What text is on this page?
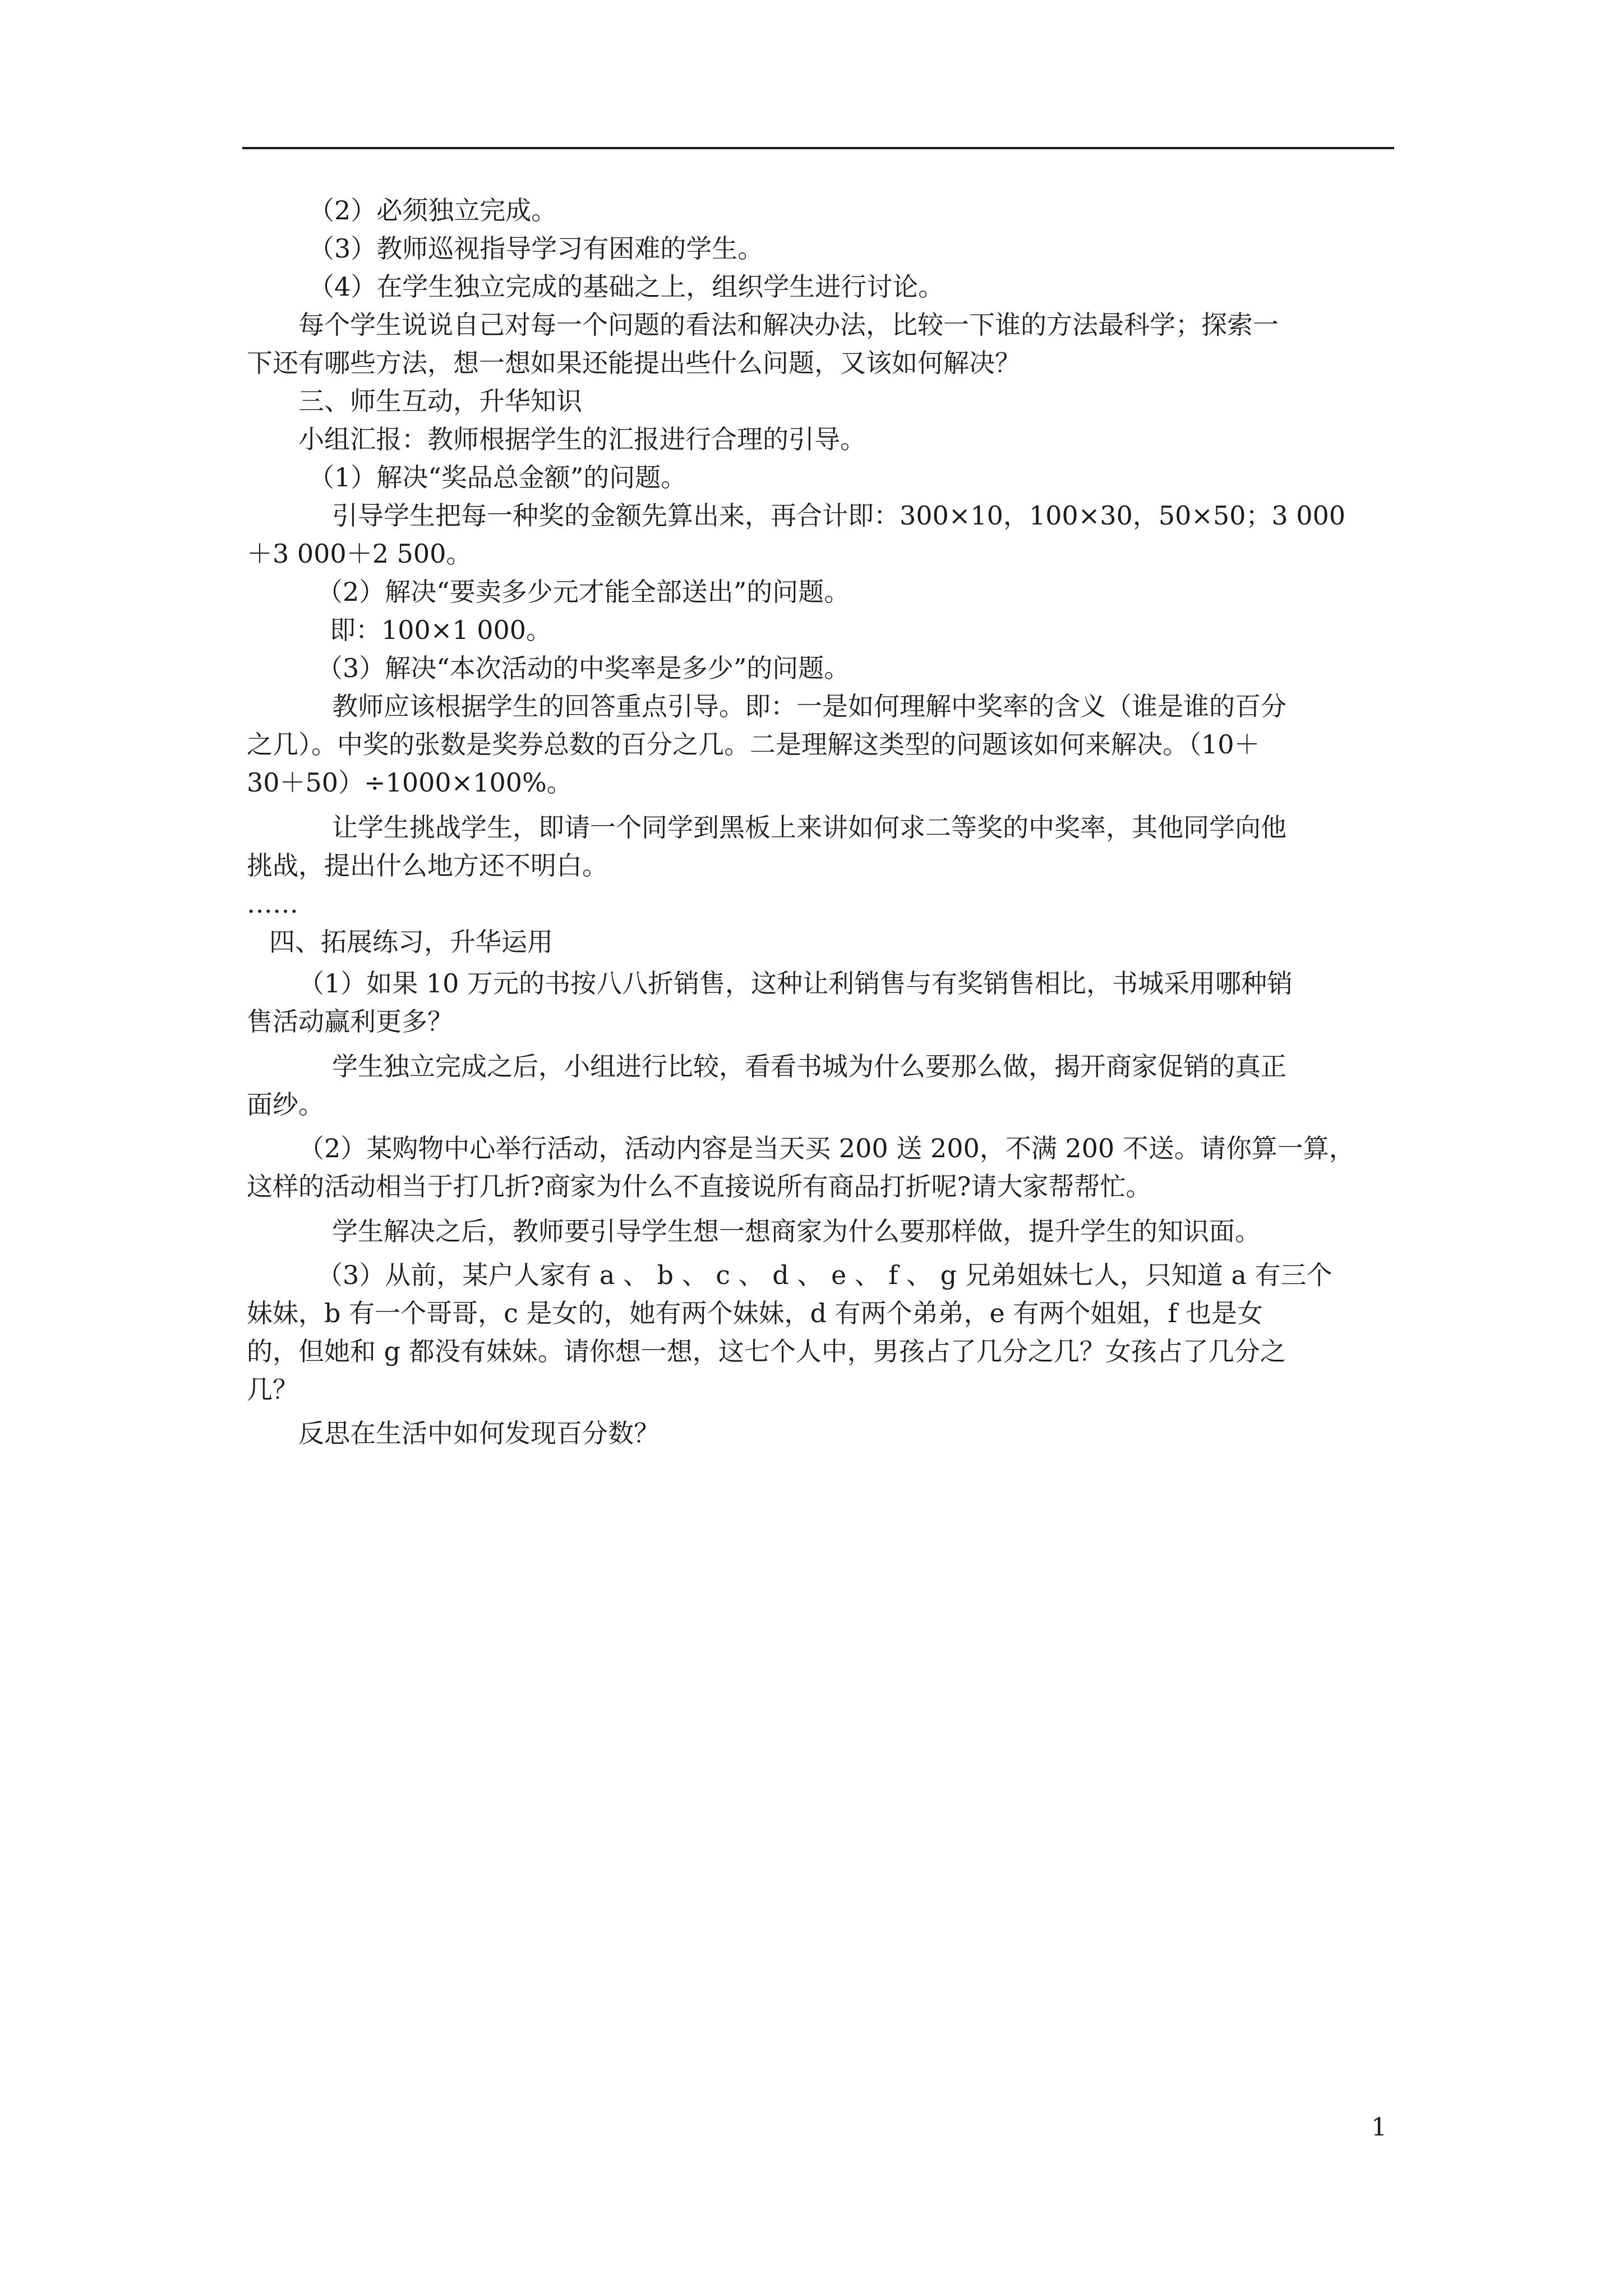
（2）必须独立完成。
（3）教师巡视指导学习有困难的学生。
（4）在学生独立完成的基础之上，组织学生进行讨论。
每个学生说说自己对每一个问题的看法和解决办法，比较一下谁的方法最科学；探索一
下还有哪些方法，想一想如果还能提出些什么问题，又该如何解决？
三、师生互动，升华知识
小组汇报：教师根据学生的汇报进行合理的引导。
（1）解决“奖品总金额”的问题。
引导学生把每一种奖的金额先算出来，再合计即：300×10，100×30，50×50；3 000
＋3 000＋2 500。
（2）解决“要卖多少元才能全部送出”的问题。
即：100×1 000。
（3）解决“本次活动的中奖率是多少”的问题。
教师应该根据学生的回答重点引导。即：一是如何理解中奖率的含义（谁是谁的百分
之几）。中奖的张数是奖券总数的百分之几。二是理解这类型的问题该如何来解决。（10＋
30＋50）÷1000×100%。
让学生挑战学生，即请一个同学到黑板上来讲如何求二等奖的中奖率，其他同学向他
挑战，提出什么地方还不明白。
……
四、拓展练习，升华运用
（1）如果 10 万元的书按八八折销售，这种让利销售与有奖销售相比，书城采用哪种销
售活动赢利更多？
学生独立完成之后，小组进行比较，看看书城为什么要那么做，揭开商家促销的真正
面纱。
（2）某购物中心举行活动，活动内容是当天买 200 送 200，不满 200 不送。请你算一算，
这样的活动相当于打几折?商家为什么不直接说所有商品打折呢?请大家帮帮忙。
学生解决之后，教师要引导学生想一想商家为什么要那样做，提升学生的知识面。
（3）从前，某户人家有 a 、 b 、 c 、 d 、 e 、 f 、 g 兄弟姐妹七人，只知道 a 有三个
妹妹，b 有一个哥哥，c 是女的，她有两个妹妹，d 有两个弟弟，e 有两个姐姐，f 也是女
的，但她和 g 都没有妹妹。请你想一想，这七个人中，男孩占了几分之几？女孩占了几分之
几？
反思在生活中如何发现百分数？
1
